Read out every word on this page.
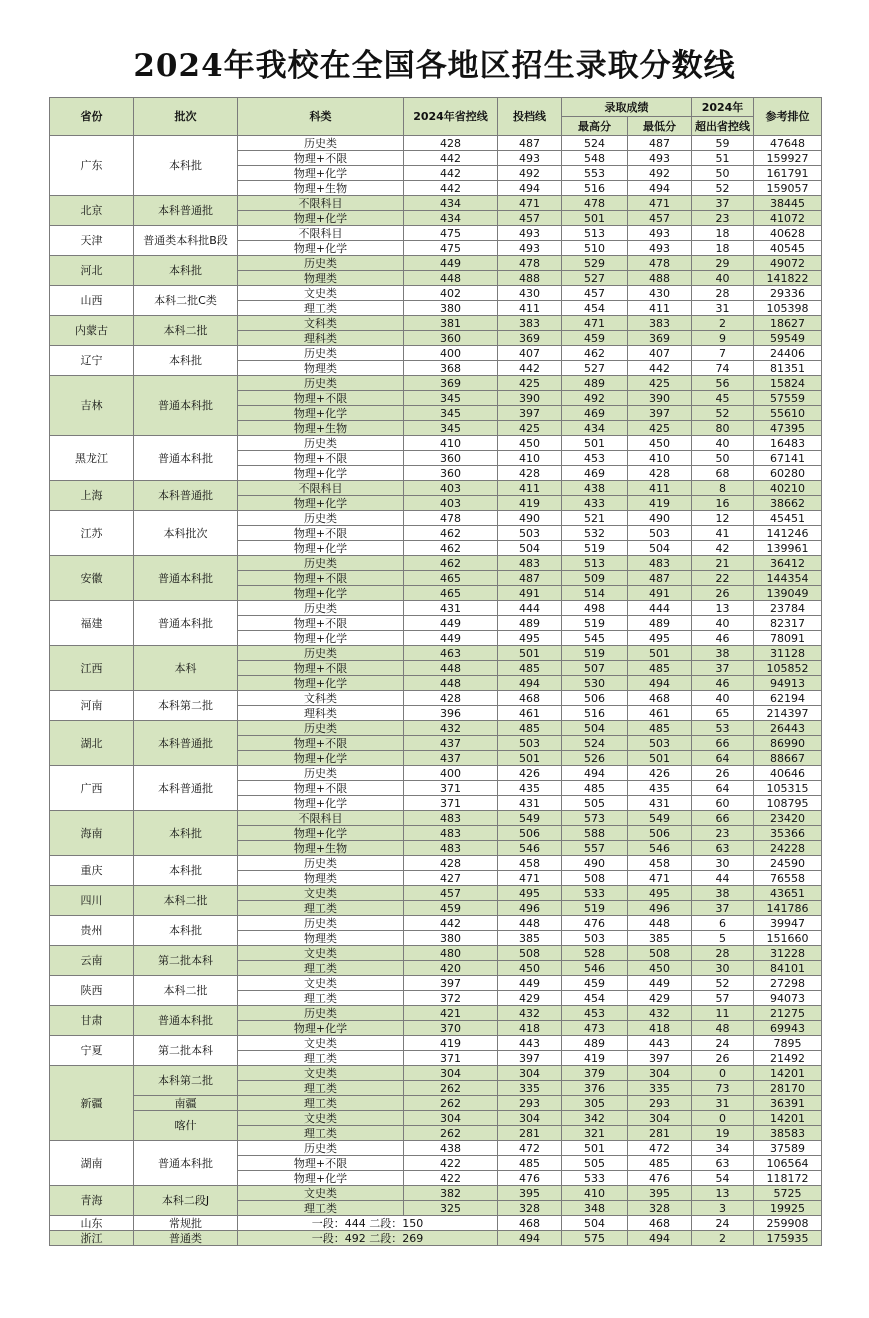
2024年我校在全国各地区招生录取分数线
省份	批次	科类	2024年省控线	投档线	录取成绩		2024年	参考排位
					最高分	最低分	超出省控线	
广东	本科批	历史类	428	487	524	487	59	47648
		物理+不限	442	493	548	493	51	159927
		物理+化学	442	492	553	492	50	161791
		物理+生物	442	494	516	494	52	159057
北京	本科普通批	不限科目	434	471	478	471	37	38445
		物理+化学	434	457	501	457	23	41072
天津	普通类本科批B段	不限科目	475	493	513	493	18	40628
		物理+化学	475	493	510	493	18	40545
河北	本科批	历史类	449	478	529	478	29	49072
		物理类	448	488	527	488	40	141822
山西	本科二批C类	文史类	402	430	457	430	28	29336
		理工类	380	411	454	411	31	105398
内蒙古	本科二批	文科类	381	383	471	383	2	18627
		理科类	360	369	459	369	9	59549
辽宁	本科批	历史类	400	407	462	407	7	24406
		物理类	368	442	527	442	74	81351
吉林	普通本科批	历史类	369	425	489	425	56	15824
		物理+不限	345	390	492	390	45	57559
		物理+化学	345	397	469	397	52	55610
		物理+生物	345	425	434	425	80	47395
黑龙江	普通本科批	历史类	410	450	501	450	40	16483
		物理+不限	360	410	453	410	50	67141
		物理+化学	360	428	469	428	68	60280
上海	本科普通批	不限科目	403	411	438	411	8	40210
		物理+化学	403	419	433	419	16	38662
江苏	本科批次	历史类	478	490	521	490	12	45451
		物理+不限	462	503	532	503	41	141246
		物理+化学	462	504	519	504	42	139961
安徽	普通本科批	历史类	462	483	513	483	21	36412
		物理+不限	465	487	509	487	22	144354
		物理+化学	465	491	514	491	26	139049
福建	普通本科批	历史类	431	444	498	444	13	23784
		物理+不限	449	489	519	489	40	82317
		物理+化学	449	495	545	495	46	78091
江西	本科	历史类	463	501	519	501	38	31128
		物理+不限	448	485	507	485	37	105852
		物理+化学	448	494	530	494	46	94913
河南	本科第二批	文科类	428	468	506	468	40	62194
		理科类	396	461	516	461	65	214397
湖北	本科普通批	历史类	432	485	504	485	53	26443
		物理+不限	437	503	524	503	66	86990
		物理+化学	437	501	526	501	64	88667
广西	本科普通批	历史类	400	426	494	426	26	40646
		物理+不限	371	435	485	435	64	105315
		物理+化学	371	431	505	431	60	108795
海南	本科批	不限科目	483	549	573	549	66	23420
		物理+化学	483	506	588	506	23	35366
		物理+生物	483	546	557	546	63	24228
重庆	本科批	历史类	428	458	490	458	30	24590
		物理类	427	471	508	471	44	76558
四川	本科二批	文史类	457	495	533	495	38	43651
		理工类	459	496	519	496	37	141786
贵州	本科批	历史类	442	448	476	448	6	39947
		物理类	380	385	503	385	5	151660
云南	第二批本科	文史类	480	508	528	508	28	31228
		理工类	420	450	546	450	30	84101
陕西	本科二批	文史类	397	449	459	449	52	27298
		理工类	372	429	454	429	57	94073
甘肃	普通本科批	历史类	421	432	453	432	11	21275
		物理+化学	370	418	473	418	48	69943
宁夏	第二批本科	文史类	419	443	489	443	24	7895
		理工类	371	397	419	397	26	21492
新疆	本科第二批	文史类	304	304	379	304	0	14201
		理工类	262	335	376	335	73	28170
	南疆	理工类	262	293	305	293	31	36391
	喀什	文史类	304	304	342	304	0	14201
		理工类	262	281	321	281	19	38583
湖南	普通本科批	历史类	438	472	501	472	34	37589
		物理+不限	422	485	505	485	63	106564
		物理+化学	422	476	533	476	54	118172
青海	本科二段J	文史类	382	395	410	395	13	5725
		理工类	325	328	348	328	3	19925
山东	常规批	一段：444 二段：150		468	504	468	24	259908
浙江	普通类	一段：492 二段：269		494	575	494	2	175935
